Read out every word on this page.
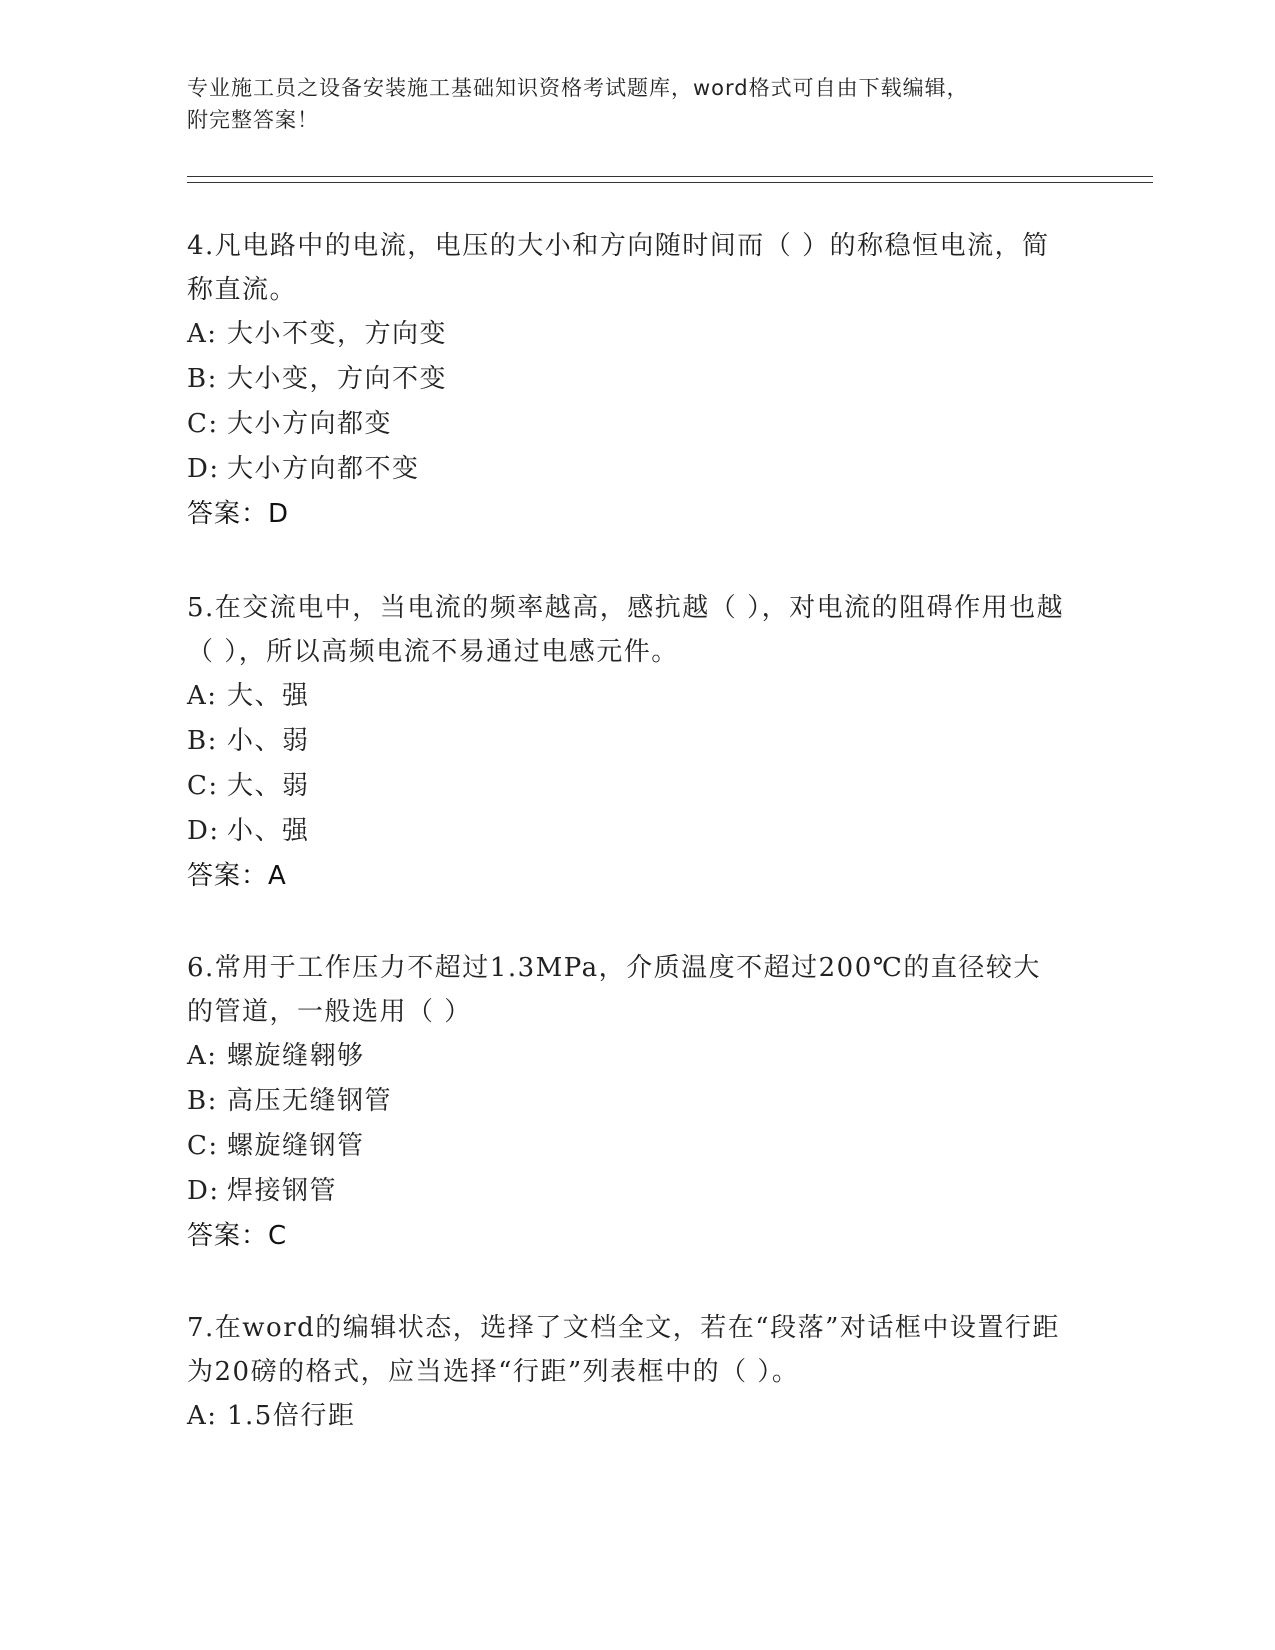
专业施工员之设备安装施工基础知识资格考试题库，word格式可自由下载编辑，
附完整答案！
4.凡电路中的电流，电压的大小和方向随时间而（ ）的称稳恒电流，简称直流。
A: 大小不变，方向变
B: 大小变，方向不变
C: 大小方向都变
D: 大小方向都不变
答案：D
5.在交流电中，当电流的频率越高，感抗越（ ），对电流的阻碍作用也越（ ），所以高频电流不易通过电感元件。
A: 大、强
B: 小、弱
C: 大、弱
D: 小、强
答案：A
6.常用于工作压力不超过1.3MPa，介质温度不超过200℃的直径较大的管道，一般选用（ ）
A: 螺旋缝翱够
B: 高压无缝钢管
C: 螺旋缝钢管
D: 焊接钢管
答案：C
7.在word的编辑状态，选择了文档全文，若在“段落”对话框中设置行距为20磅的格式，应当选择“行距”列表框中的（ ）。
A: 1.5倍行距
